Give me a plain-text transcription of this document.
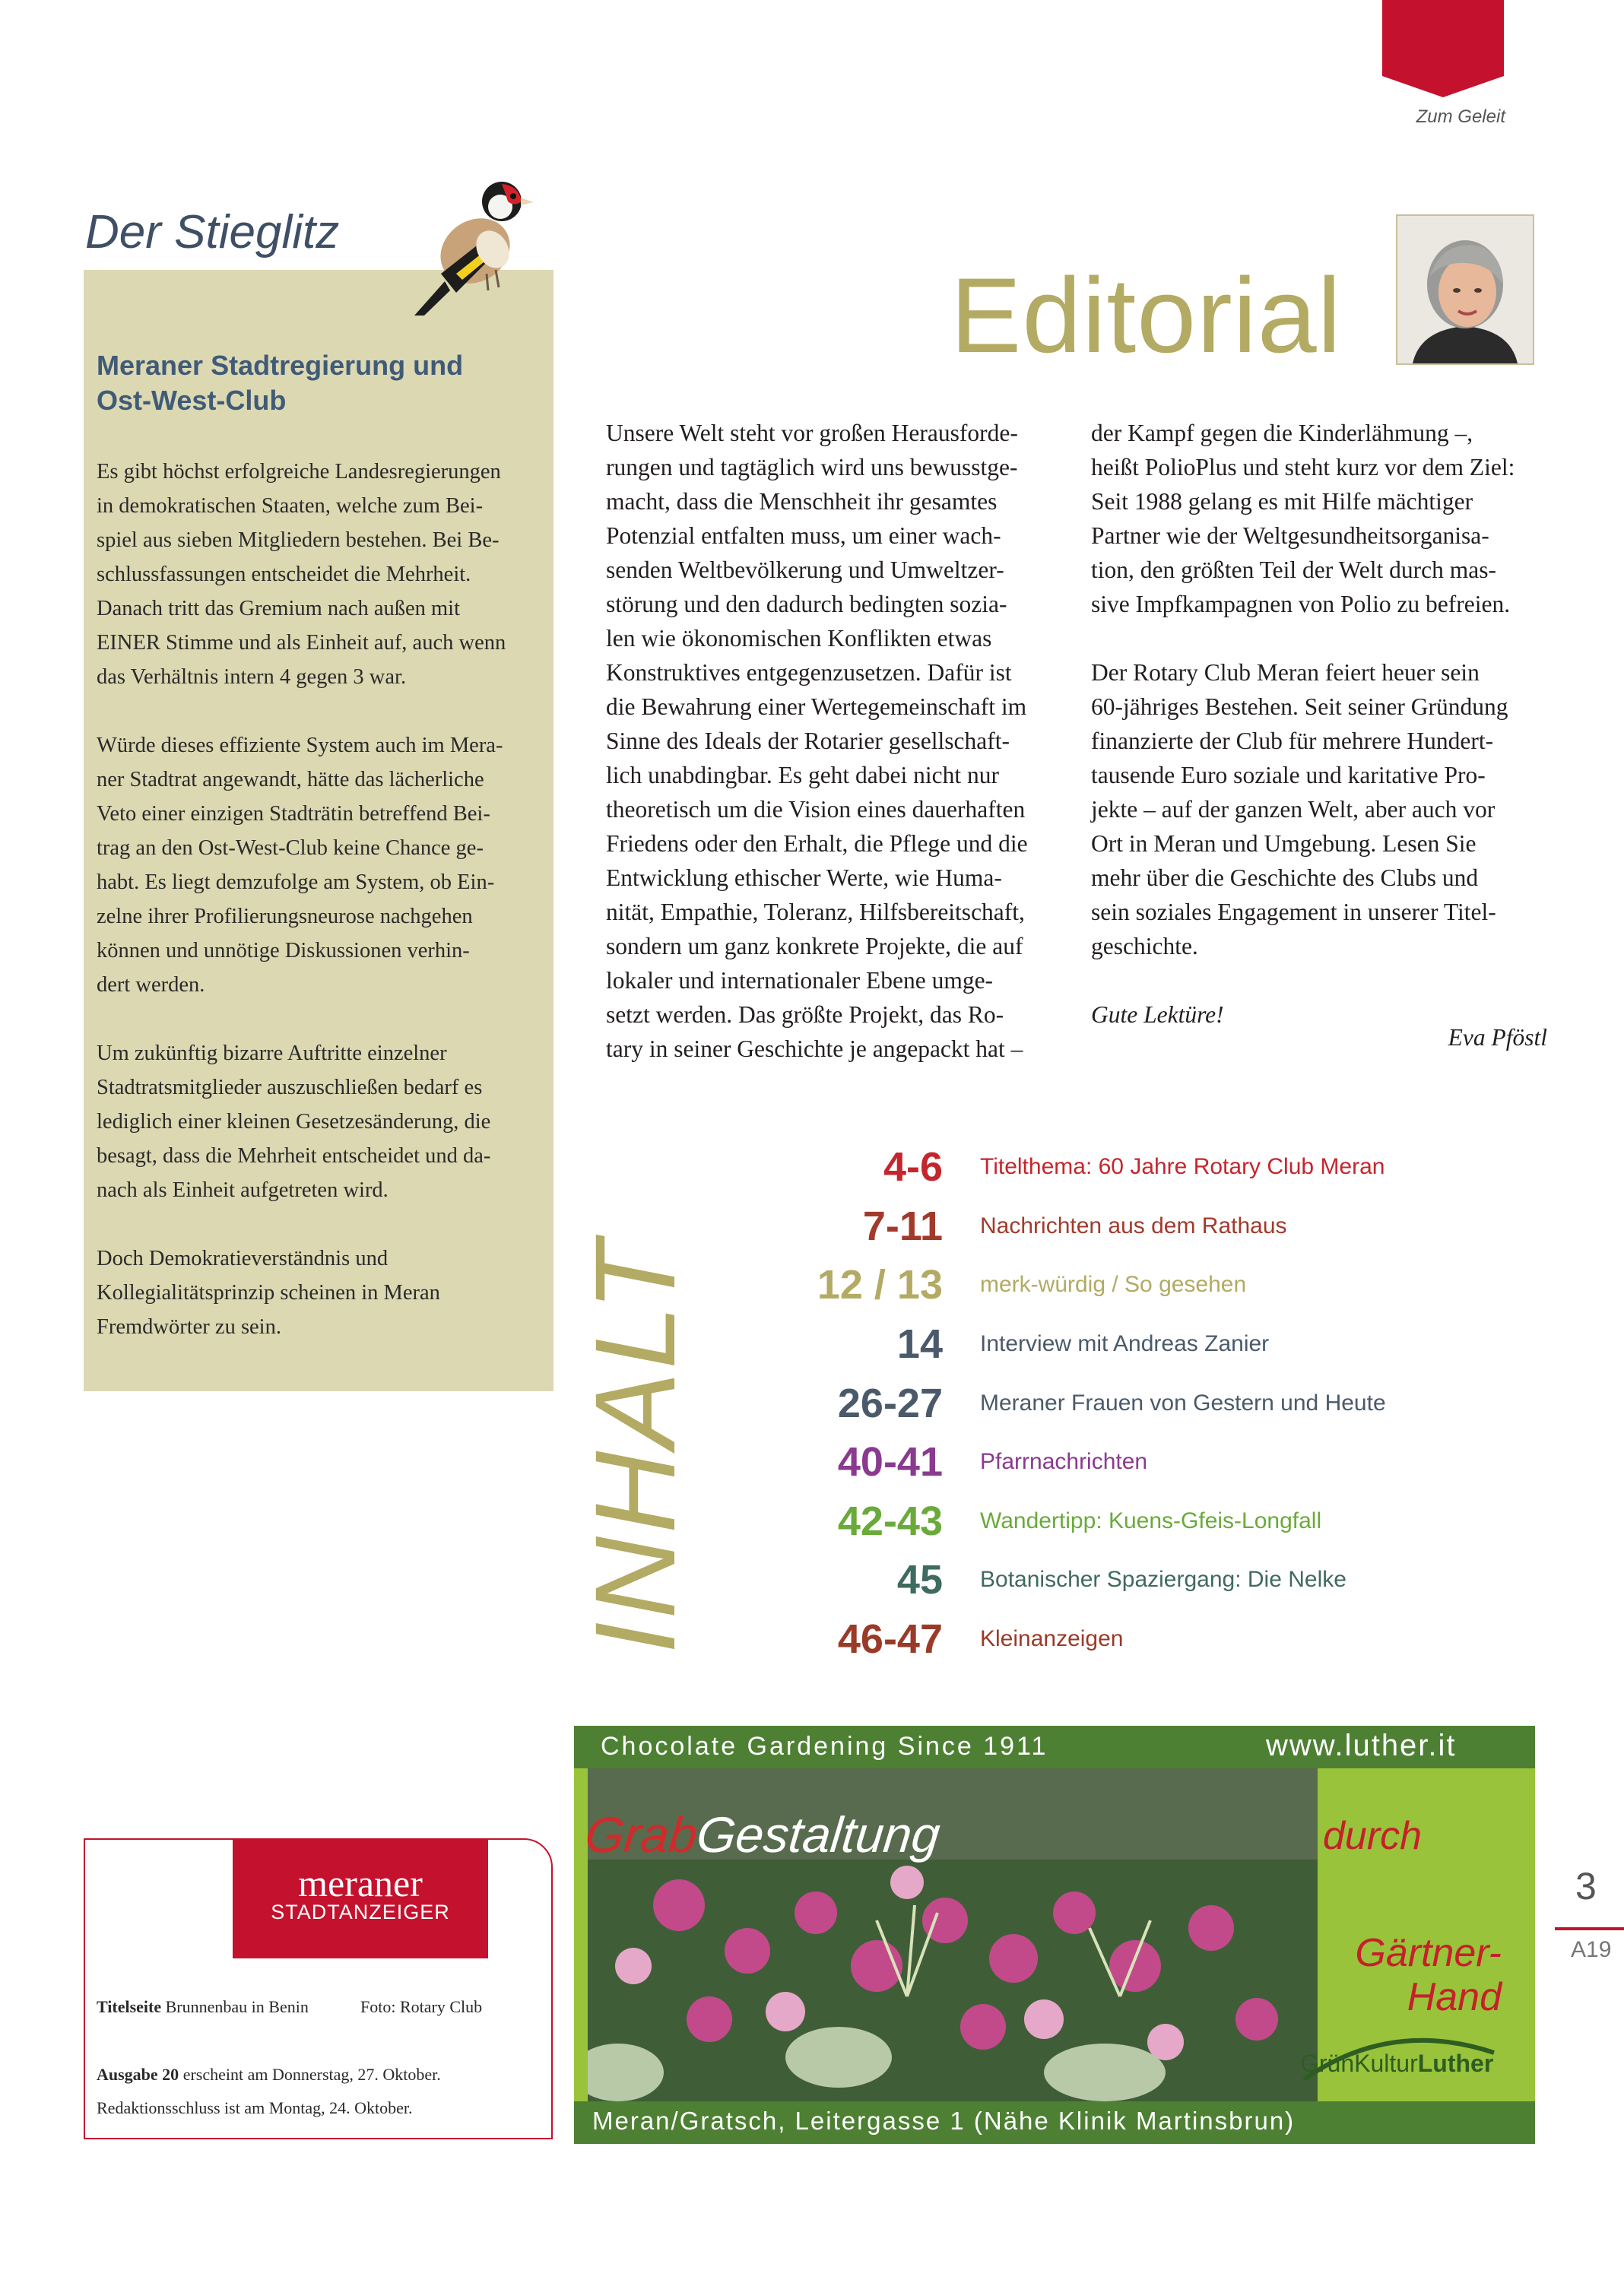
Zum Geleit
Der Stieglitz
Meraner Stadtregierung und
Ost-West-Club

Es gibt höchst erfolgreiche Landesregierungen
in demokratischen Staaten, welche zum Bei-
spiel aus sieben Mitgliedern bestehen. Bei Be-
schlussfassungen entscheidet die Mehrheit.
Danach tritt das Gremium nach außen mit
EINER Stimme und als Einheit auf, auch wenn
das Verhältnis intern 4 gegen 3 war.

Würde dieses effiziente System auch im Mera-
ner Stadtrat angewandt, hätte das lächerliche
Veto einer einzigen Stadträtin betreffend Bei-
trag an den Ost-West-Club keine Chance ge-
habt. Es liegt demzufolge am System, ob Ein-
zelne ihrer Profilierungsneurose nachgehen
können und unnötige Diskussionen verhin-
dert werden.

Um zukünftig bizarre Auftritte einzelner
Stadtratsmitglieder auszuschließen bedarf es
lediglich einer kleinen Gesetzesänderung, die
besagt, dass die Mehrheit entscheidet und da-
nach als Einheit aufgetreten wird.

Doch Demokratieverständnis und
Kollegialitätsprinzip scheinen in Meran
Fremdwörter zu sein.

Editorial
Unsere Welt steht vor großen Herausforde-
rungen und tagtäglich wird uns bewusstge-
macht, dass die Menschheit ihr gesamtes
Potenzial entfalten muss, um einer wach-
senden Weltbevölkerung und Umweltzer-
störung und den dadurch bedingten sozia-
len wie ökonomischen Konflikten etwas
Konstruktives entgegenzusetzen. Dafür ist
die Bewahrung einer Wertegemeinschaft im
Sinne des Ideals der Rotarier gesellschaft-
lich unabdingbar. Es geht dabei nicht nur
theoretisch um die Vision eines dauerhaften
Friedens oder den Erhalt, die Pflege und die
Entwicklung ethischer Werte, wie Huma-
nität, Empathie, Toleranz, Hilfsbereitschaft,
sondern um ganz konkrete Projekte, die auf
lokaler und internationaler Ebene umge-
setzt werden. Das größte Projekt, das Ro-
tary in seiner Geschichte je angepackt hat –

der Kampf gegen die Kinderlähmung –,
heißt PolioPlus und steht kurz vor dem Ziel:
Seit 1988 gelang es mit Hilfe mächtiger
Partner wie der Weltgesundheitsorganisa-
tion, den größten Teil der Welt durch mas-
sive Impfkampagnen von Polio zu befreien.

Der Rotary Club Meran feiert heuer sein
60-jähriges Bestehen. Seit seiner Gründung
finanzierte der Club für mehrere Hundert-
tausende Euro soziale und karitative Pro-
jekte – auf der ganzen Welt, aber auch vor
Ort in Meran und Umgebung. Lesen Sie
mehr über die Geschichte des Clubs und
sein soziales Engagement in unserer Titel-
geschichte.

Gute Lektüre!
Eva Pföstl
INHALT
4-6 Titelthema: 60 Jahre Rotary Club Meran
7-11 Nachrichten aus dem Rathaus
12 / 13 merk-würdig / So gesehen
14 Interview mit Andreas Zanier
26-27 Meraner Frauen von Gestern und Heute
40-41 Pfarrnachrichten
42-43 Wandertipp: Kuens-Gfeis-Longfall
45 Botanischer Spaziergang: Die Nelke
46-47 Kleinanzeigen
meraner
STADTANZEIGER
Titelseite Brunnenbau in Benin	Foto: Rotary Club
Ausgabe 20 erscheint am Donnerstag, 27. Oktober.
Redaktionsschluss ist am Montag, 24. Oktober.
Chocolate Gardening Since 1911	www.luther.it
GrabGestaltung	durch
Gärtner-
Hand
GrünKulturLuther
Meran/Gratsch, Leitergasse 1 (Nähe Klinik Martinsbrun)
3
A19
